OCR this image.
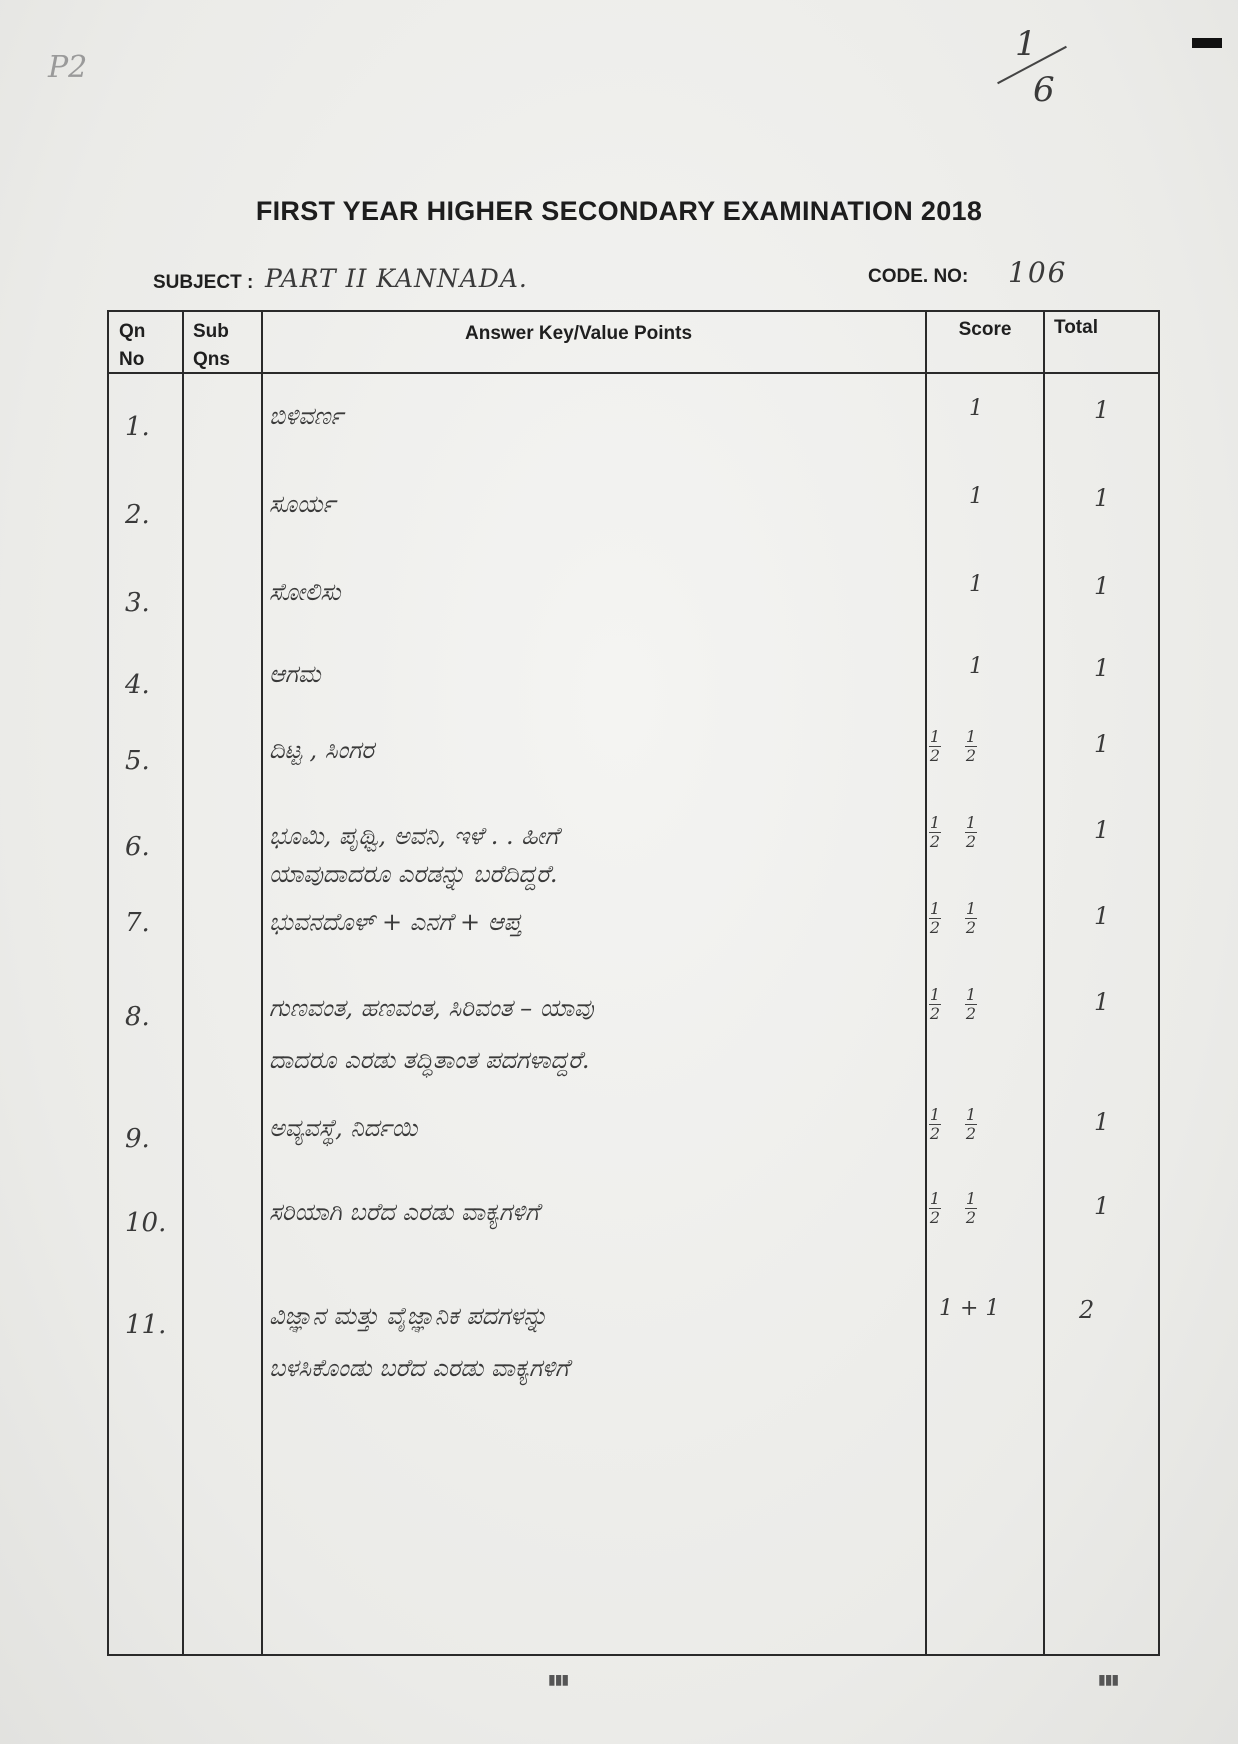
P2
1
6
FIRST YEAR HIGHER SECONDARY EXAMINATION 2018
SUBJECT : PART II KANNADA.	CODE. NO: 106
Qn
No
Sub
Qns
Answer Key/Value Points	Score	Total
1.	ಬಿಳಿವರ್ಣ	1	1
2.	ಸೂರ್ಯ	1	1
3.	ಸೋಲಿಸು	1	1
4.	ಆಗಮ	1	1
5.	ದಿಟ್ಟ , ಸಿಂಗರ	$\frac{1}{2} \frac{1}{2}$	1
6.	ಭೂಮಿ, ಪೃಥ್ವಿ, ಅವನಿ, ಇಳೆ . . ಹೀಗೆ
ಯಾವುದಾದರೂ ಎರಡನ್ನು ಬರೆದಿದ್ದರೆ.
$\frac{1}{2} \frac{1}{2}$	1
7.	ಭುವನದೊಳ್ + ಎನಗೆ + ಆಪ್ತ	$\frac{1}{2} \frac{1}{2}$	1
8.	ಗುಣವಂತ, ಹಣವಂತ, ಸಿರಿವಂತ – ಯಾವು
ದಾದರೂ ಎರಡು ತದ್ಧಿತಾಂತ ಪದಗಳಾದ್ದರೆ.
$\frac{1}{2} \frac{1}{2}$	1
9.	ಅವ್ಯವಸ್ಥೆ, ನಿರ್ದಯಿ	$\frac{1}{2} \frac{1}{2}$	1
10.	ಸರಿಯಾಗಿ ಬರೆದ ಎರಡು ವಾಕ್ಯಗಳಿಗೆ	$\frac{1}{2} \frac{1}{2}$	1
11.	ವಿಜ್ಞಾನ ಮತ್ತು ವೈಜ್ಞಾನಿಕ ಪದಗಳನ್ನು
ಬಳಸಿಕೊಂಡು ಬರೆದ ಎರಡು ವಾಕ್ಯಗಳಿಗೆ
1 + 1	2
▮▮▮	▮▮▮
